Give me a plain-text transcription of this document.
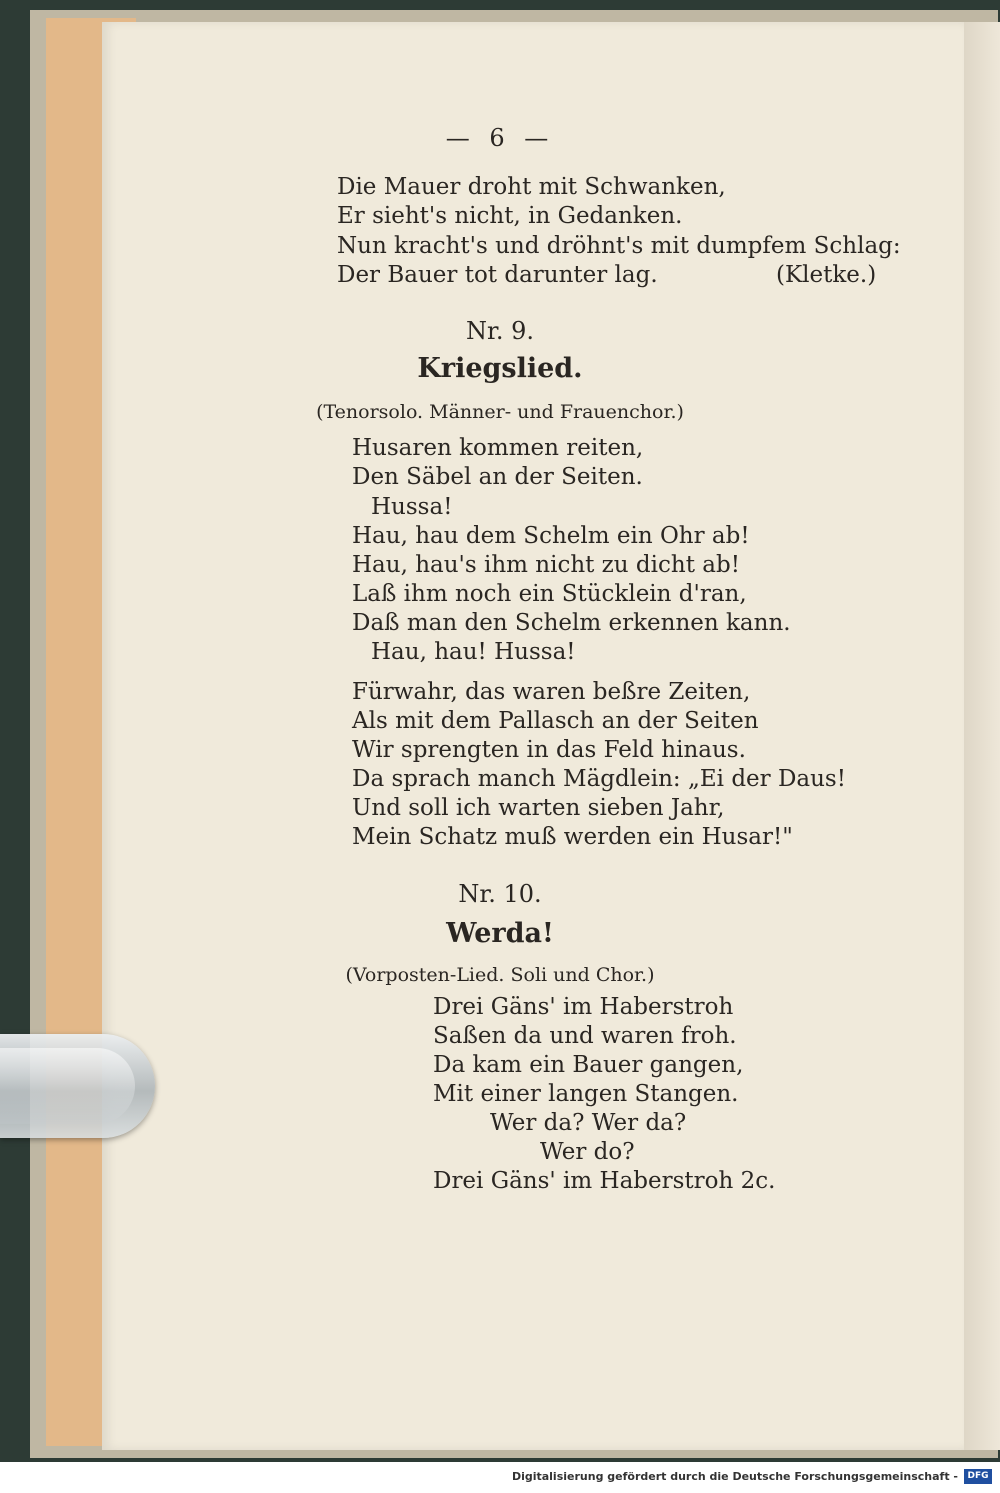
— 6 —
Die Mauer droht mit Schwanken,
Er sieht's nicht, in Gedanken.
Nun kracht's und dröhnt's mit dumpfem Schlag:
Der Bauer tot darunter lag.	(Kletke.)
Nr. 9.
Kriegslied.
(Tenorsolo. Männer- und Frauenchor.)
Husaren kommen reiten,
Den Säbel an der Seiten.
Hussa!
Hau, hau dem Schelm ein Ohr ab!
Hau, hau's ihm nicht zu dicht ab!
Laß ihm noch ein Stücklein d'ran,
Daß man den Schelm erkennen kann.
Hau, hau! Hussa!
Fürwahr, das waren beßre Zeiten,
Als mit dem Pallasch an der Seiten
Wir sprengten in das Feld hinaus.
Da sprach manch Mägdlein: „Ei der Daus!
Und soll ich warten sieben Jahr,
Mein Schatz muß werden ein Husar!"
Nr. 10.
Werda!
(Vorposten-Lied. Soli und Chor.)
Drei Gäns' im Haberstroh
Saßen da und waren froh.
Da kam ein Bauer gangen,
Mit einer langen Stangen.
Wer da? Wer da?
Wer do?
Drei Gäns' im Haberstroh 2c.
Digitalisierung gefördert durch die Deutsche Forschungsgemeinschaft -	DFG
